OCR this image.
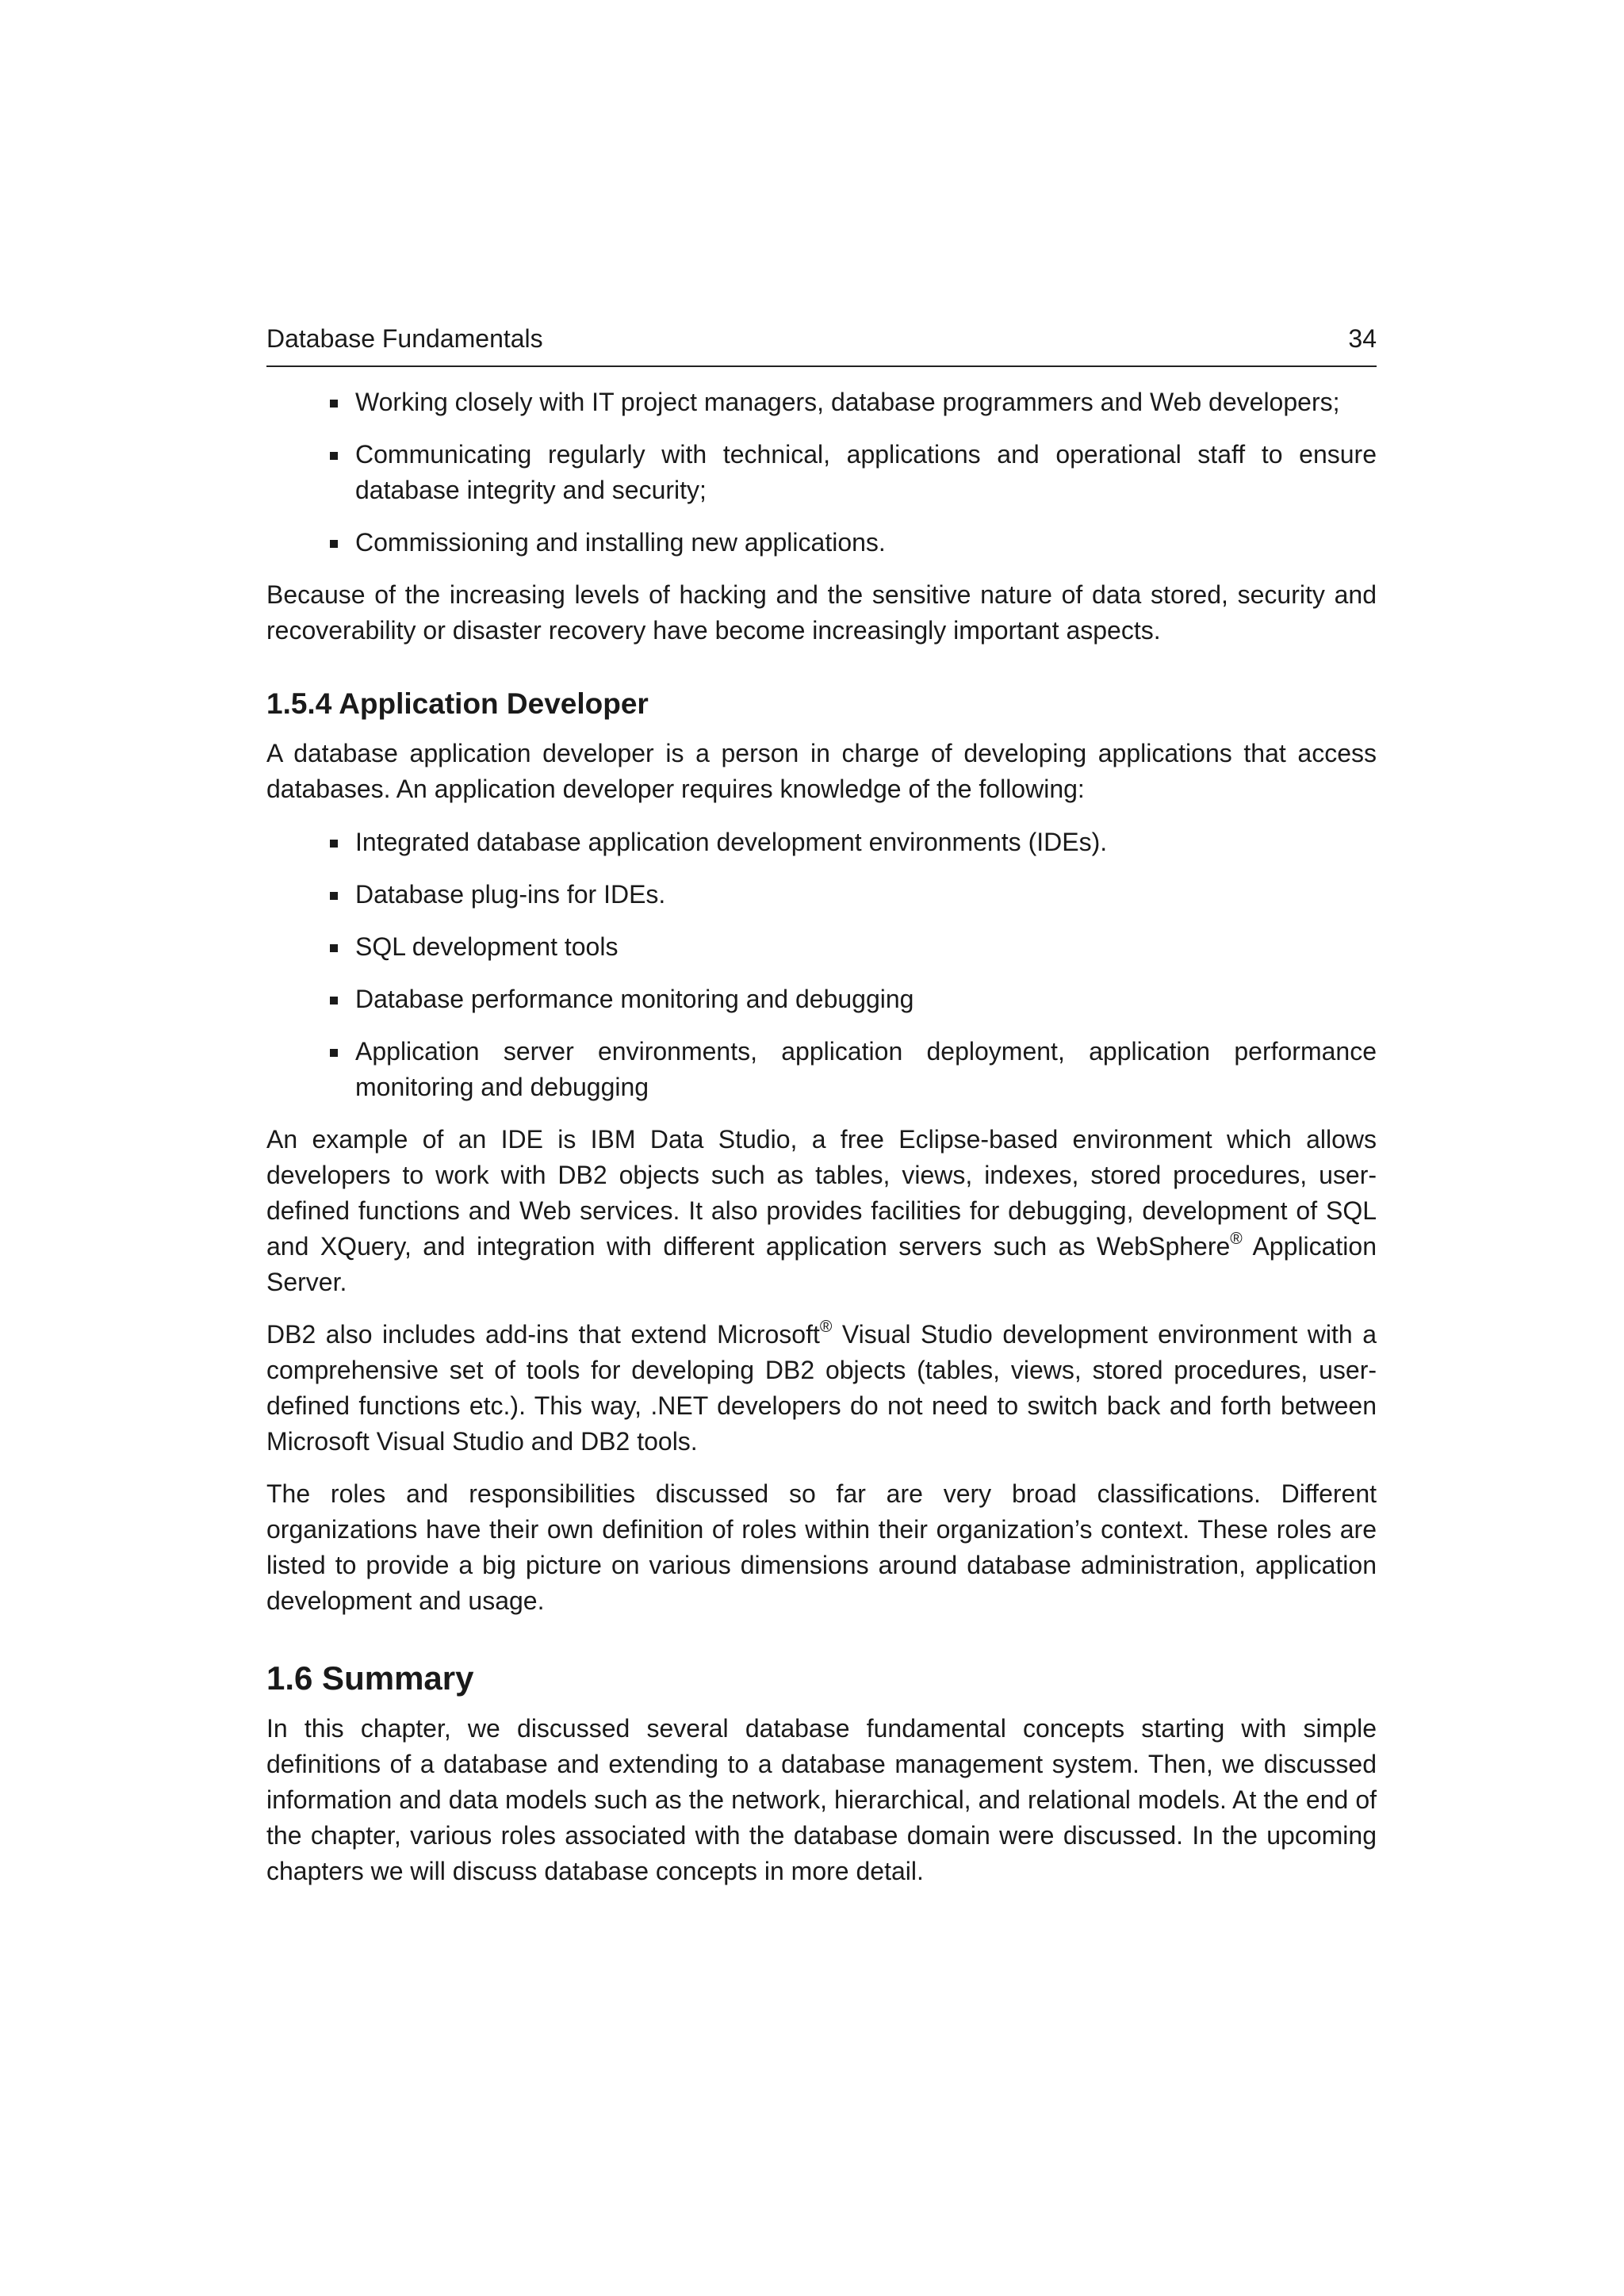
Database Fundamentals	34
Working closely with IT project managers, database programmers and Web developers;
Communicating regularly with technical, applications and operational staff to ensure database integrity and security;
Commissioning and installing new applications.

Because of the increasing levels of hacking and the sensitive nature of data stored, security and recoverability or disaster recovery have become increasingly important aspects.

1.5.4 Application Developer

A database application developer is a person in charge of developing applications that access databases. An application developer requires knowledge of the following:

Integrated database application development environments (IDEs).
Database plug-ins for IDEs.
SQL development tools
Database performance monitoring and debugging
Application server environments, application deployment, application performance monitoring and debugging

An example of an IDE is IBM Data Studio, a free Eclipse-based environment which allows developers to work with DB2 objects such as tables, views, indexes, stored procedures, user-defined functions and Web services. It also provides facilities for debugging, development of SQL and XQuery, and integration with different application servers such as WebSphere® Application Server.

DB2 also includes add-ins that extend Microsoft® Visual Studio development environment with a comprehensive set of tools for developing DB2 objects (tables, views, stored procedures, user-defined functions etc.). This way, .NET developers do not need to switch back and forth between Microsoft Visual Studio and DB2 tools.

The roles and responsibilities discussed so far are very broad classifications. Different organizations have their own definition of roles within their organization’s context. These roles are listed to provide a big picture on various dimensions around database administration, application development and usage.

1.6 Summary

In this chapter, we discussed several database fundamental concepts starting with simple definitions of a database and extending to a database management system. Then, we discussed information and data models such as the network, hierarchical, and relational models. At the end of the chapter, various roles associated with the database domain were discussed. In the upcoming chapters we will discuss database concepts in more detail.
